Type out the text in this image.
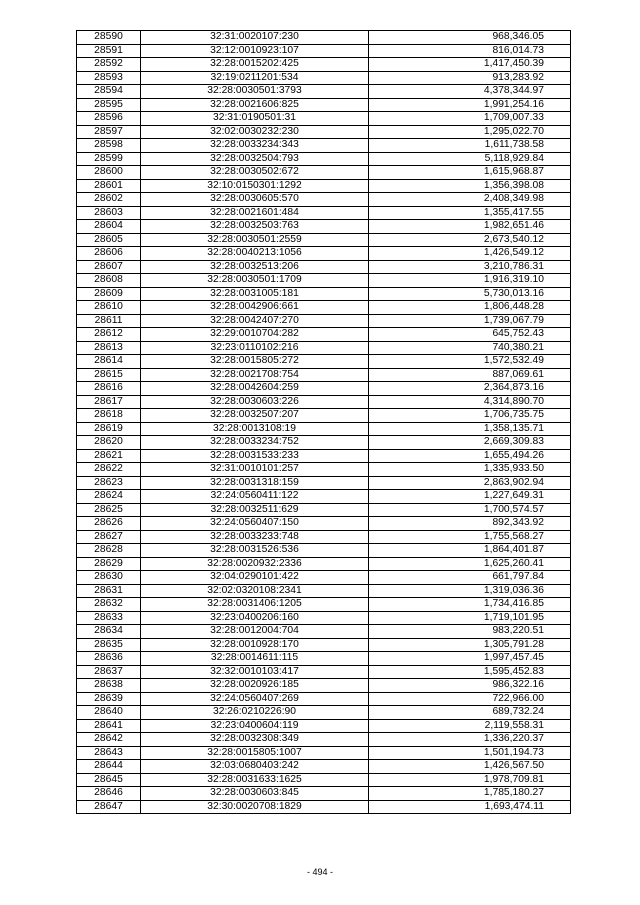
28590	32:31:0020107:230	968,346.05
28591	32:12:0010923:107	816,014.73
28592	32:28:0015202:425	1,417,450.39
28593	32:19:0211201:534	913,283.92
28594	32:28:0030501:3793	4,378,344.97
28595	32:28:0021606:825	1,991,254.16
28596	32:31:0190501:31	1,709,007.33
28597	32:02:0030232:230	1,295,022.70
28598	32:28:0033234:343	1,611,738.58
28599	32:28:0032504:793	5,118,929.84
28600	32:28:0030502:672	1,615,968.87
28601	32:10:0150301:1292	1,356,398.08
28602	32:28:0030605:570	2,408,349.98
28603	32:28:0021601:484	1,355,417.55
28604	32:28:0032503:763	1,982,651.46
28605	32:28:0030501:2559	2,673,540.12
28606	32:28:0040213:1056	1,426,549.12
28607	32:28:0032513:206	3,210,786.31
28608	32:28:0030501:1709	1,916,319.10
28609	32:28:0031005:181	5,730,013.16
28610	32:28:0042906:661	1,806,448.28
28611	32:28:0042407:270	1,739,067.79
28612	32:29:0010704:282	645,752.43
28613	32:23:0110102:216	740,380.21
28614	32:28:0015805:272	1,572,532.49
28615	32:28:0021708:754	887,069.61
28616	32:28:0042604:259	2,364,873.16
28617	32:28:0030603:226	4,314,890.70
28618	32:28:0032507:207	1,706,735.75
28619	32:28:0013108:19	1,358,135.71
28620	32:28:0033234:752	2,669,309.83
28621	32:28:0031533:233	1,655,494.26
28622	32:31:0010101:257	1,335,933.50
28623	32:28:0031318:159	2,863,902.94
28624	32:24:0560411:122	1,227,649.31
28625	32:28:0032511:629	1,700,574.57
28626	32:24:0560407:150	892,343.92
28627	32:28:0033233:748	1,755,568.27
28628	32:28:0031526:536	1,864,401.87
28629	32:28:0020932:2336	1,625,260.41
28630	32:04:0290101:422	661,797.84
28631	32:02:0320108:2341	1,319,036.36
28632	32:28:0031406:1205	1,734,416.85
28633	32:23:0400206:160	1,719,101.95
28634	32:28:0012004:704	983,220.51
28635	32:28:0010928:170	1,305,791.28
28636	32:28:0014611:115	1,997,457.45
28637	32:32:0010103:417	1,595,452.83
28638	32:28:0020926:185	986,322.16
28639	32:24:0560407:269	722,966.00
28640	32:26:0210226:90	689,732.24
28641	32:23:0400604:119	2,119,558.31
28642	32:28:0032308:349	1,336,220.37
28643	32:28:0015805:1007	1,501,194.73
28644	32:03:0680403:242	1,426,567.50
28645	32:28:0031633:1625	1,978,709.81
28646	32:28:0030603:845	1,785,180.27
28647	32:30:0020708:1829	1,693,474.11
- 494 -
